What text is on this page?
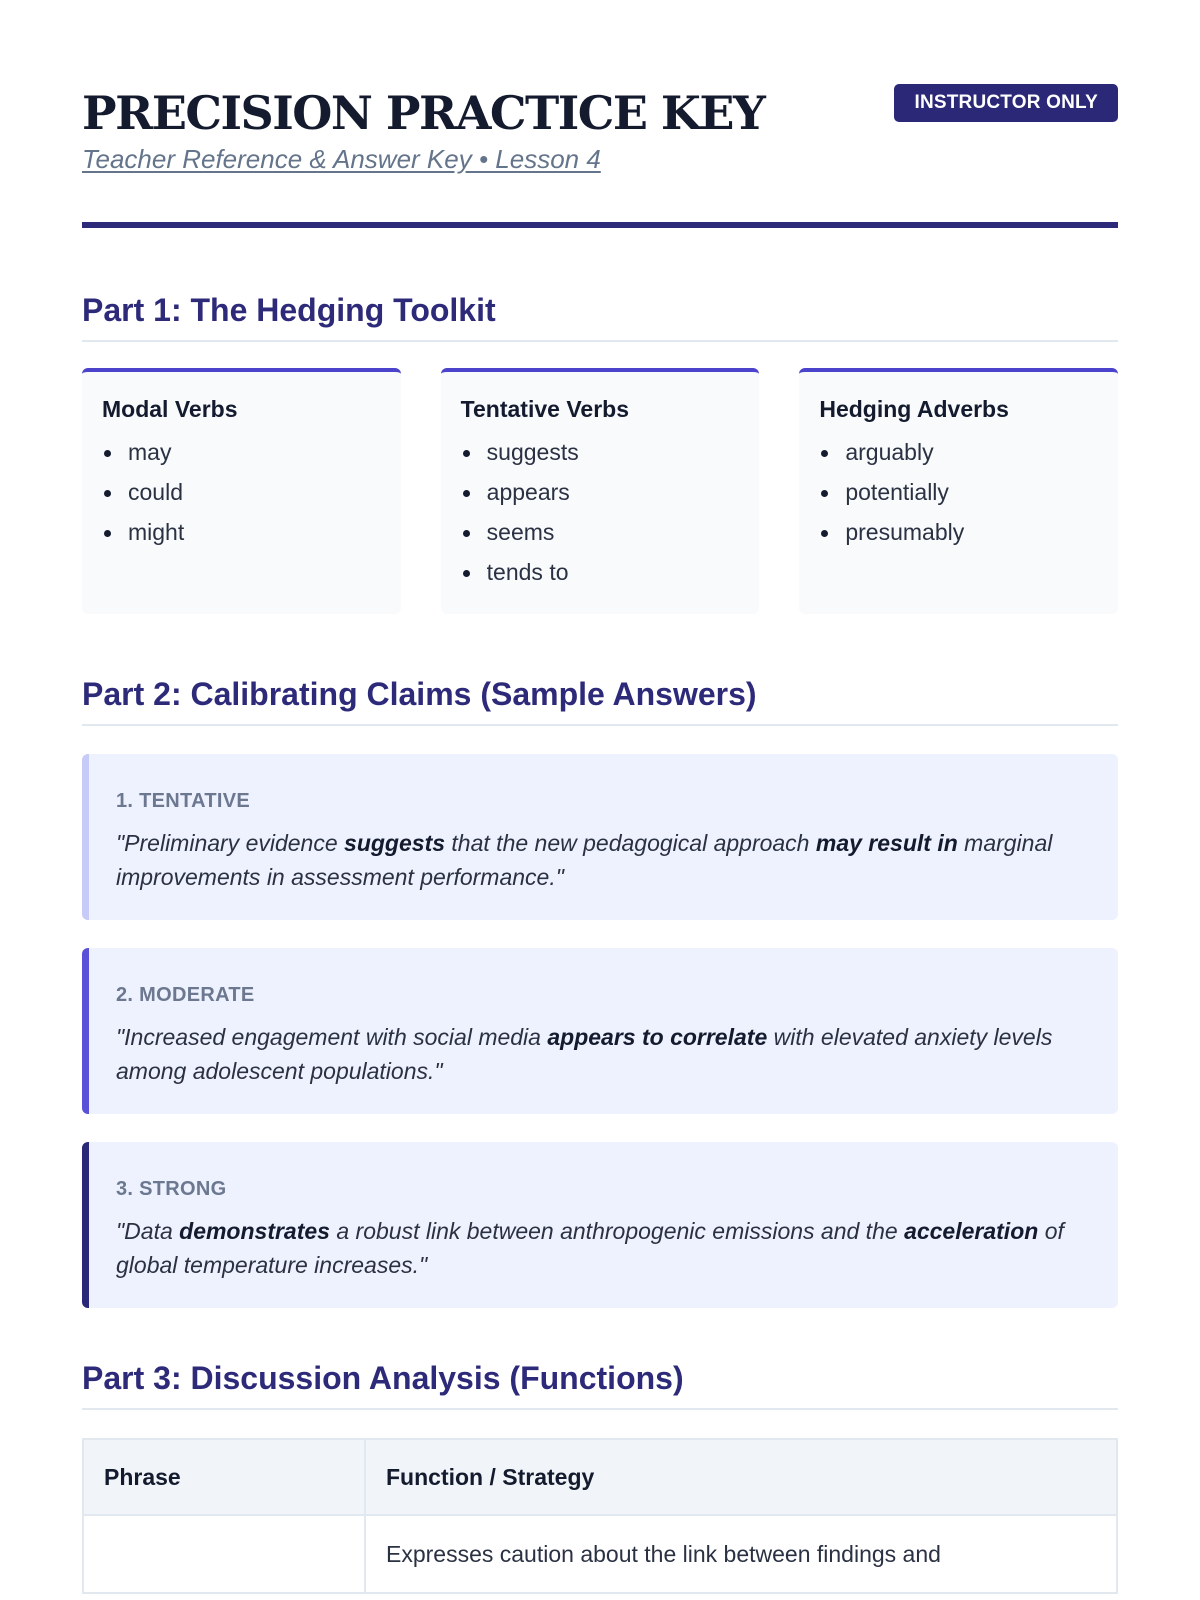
PRECISION PRACTICE KEY
Teacher Reference & Answer Key • Lesson 4
INSTRUCTOR ONLY
Part 1: The Hedging Toolkit
Modal Verbs
may
could
might
Tentative Verbs
suggests
appears
seems
tends to
Hedging Adverbs
arguably
potentially
presumably
Part 2: Calibrating Claims (Sample Answers)
1. TENTATIVE

"Preliminary evidence suggests that the new pedagogical approach may result in marginal improvements in assessment performance."

2. MODERATE

"Increased engagement with social media appears to correlate with elevated anxiety levels among adolescent populations."

3. STRONG

"Data demonstrates a robust link between anthropogenic emissions and the acceleration of global temperature increases."

Part 3: Discussion Analysis (Functions)
Phrase	Function / Strategy
	Expresses caution about the link between findings and
